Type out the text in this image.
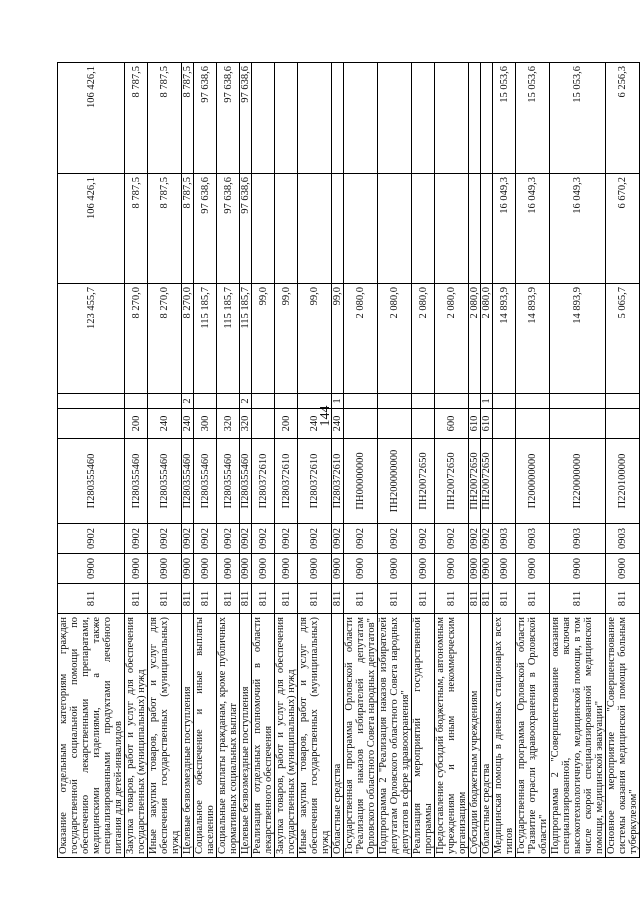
144
Оказание отдельным категориям граждан государственной социальной помощи по обеспечению лекарственными препаратами, медицинскими изделиями, а также специализированными продуктами лечебного питания для детей-инвалидов	811	0900	0902	П280355460			123 455,7	106 426,1	106 426,1
Закупка товаров, работ и услуг для обеспечения государственных (муниципальных) нужд	811	0900	0902	П280355460	200		8 270,0	8 787,5	8 787,5
Иные закупки товаров, работ и услуг для обеспечения государственных (муниципальных) нужд	811	0900	0902	П280355460	240		8 270,0	8 787,5	8 787,5
Целевые безвозмездные поступления	811	0900	0902	П280355460	240	2	8 270,0	8 787,5	8 787,5
Социальное обеспечение и иные выплаты населению	811	0900	0902	П280355460	300		115 185,7	97 638,6	97 638,6
Социальные выплаты гражданам, кроме публичных нормативных социальных выплат	811	0900	0902	П280355460	320		115 185,7	97 638,6	97 638,6
Целевые безвозмездные поступления	811	0900	0902	П280355460	320	2	115 185,7	97 638,6	97 638,6
Реализация отдельных полномочий в области лекарственного обеспечения	811	0900	0902	П280372610			99,0		
Закупка товаров, работ и услуг для обеспечения государственных (муниципальных) нужд	811	0900	0902	П280372610	200		99,0		
Иные закупки товаров, работ и услуг для обеспечения государственных (муниципальных) нужд	811	0900	0902	П280372610	240		99,0		
Областные средства	811	0900	0902	П280372610	240	1	99,0		
Государственная программа Орловской области "Реализация наказов избирателей депутатам Орловского областного Совета народных депутатов"	811	0900	0902	ПН00000000			2 080,0		
Подпрограмма 2 "Реализация наказов избирателей депутатам Орловского областного Совета народных депутатов в сфере здравоохранения"	811	0900	0902	ПН200000000			2 080,0		
Реализация мероприятий государственной программы	811	0900	0902	ПН20072650			2 080,0		
Предоставление субсидий бюджетным, автономным учреждениям и иным некоммерческим организациям	811	0900	0902	ПН20072650	600		2 080,0		
Субсидии бюджетным учреждениям	811	0900	0902	ПН20072650	610		2 080,0		
Областные средства	811	0900	0902	ПН20072650	610	1	2 080,0		
Медицинская помощь в дневных стационарах всех типов	811	0900	0903				14 893,9	16 049,3	15 053,6
Государственная программа Орловской области "Развитие отрасли здравоохранения в Орловской области"	811	0900	0903	П200000000			14 893,9	16 049,3	15 053,6
Подпрограмма 2 "Совершенствование оказания специализированной, включая высокотехнологичную, медицинской помощи, в том числе скорой специализированной медицинской помощи, медицинской эвакуации"	811	0900	0903	П220000000			14 893,9	16 049,3	15 053,6
Основное мероприятие "Совершенствование системы оказания медицинской помощи больным туберкулезом"	811	0900	0903	П220100000			5 065,7	6 670,2	6 256,3
